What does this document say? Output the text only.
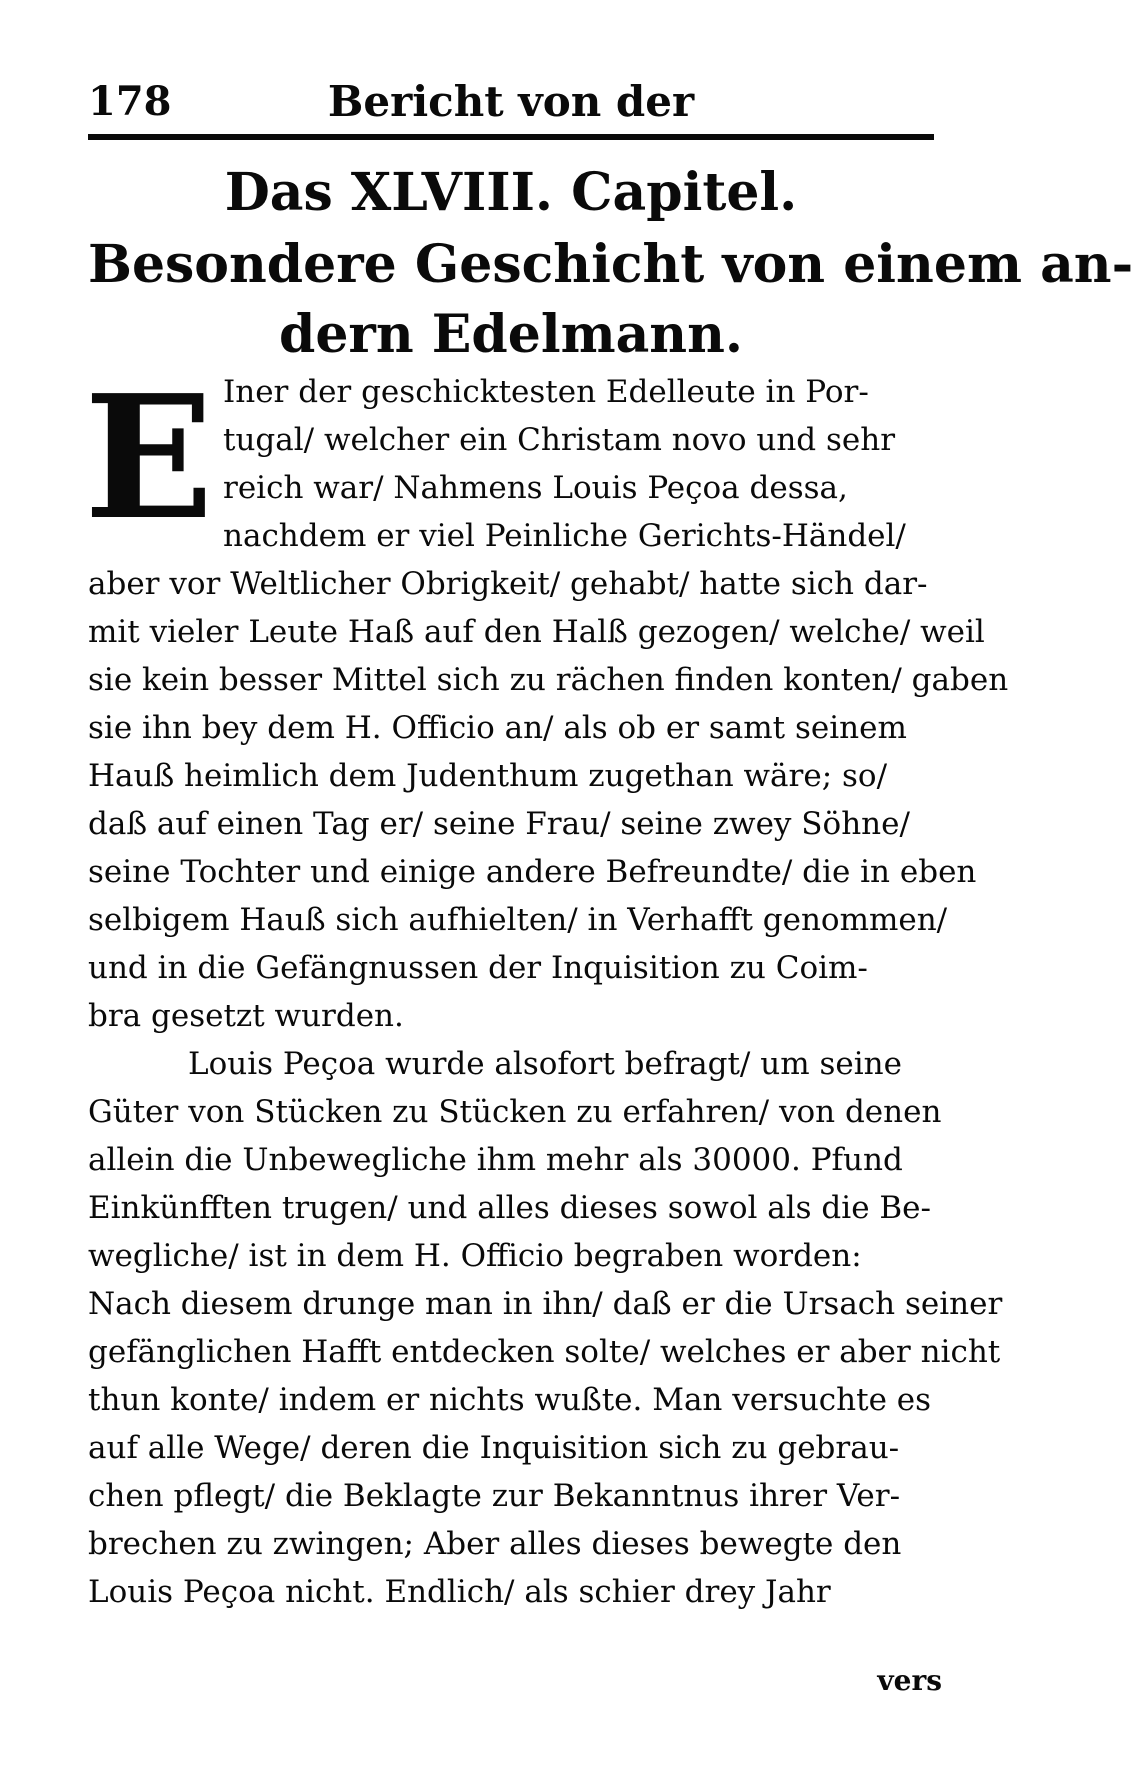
178	Bericht von der
Das XLVIII. Capitel.
Besondere Geschicht von einem an-
dern Edelmann.
E Iner der geschicktesten Edelleute in Por-
tugal/ welcher ein Christam novo und sehr
reich war/ Nahmens Louis Peçoa dessa,
nachdem er viel Peinliche Gerichts-Händel/
aber vor Weltlicher Obrigkeit/ gehabt/ hatte sich dar-
mit vieler Leute Haß auf den Halß gezogen/ welche/ weil
sie kein besser Mittel sich zu rächen finden konten/ gaben
sie ihn bey dem H. Officio an/ als ob er samt seinem
Hauß heimlich dem Judenthum zugethan wäre; so/
daß auf einen Tag er/ seine Frau/ seine zwey Söhne/
seine Tochter und einige andere Befreundte/ die in eben
selbigem Hauß sich aufhielten/ in Verhafft genommen/
und in die Gefängnussen der Inquisition zu Coim-
bra gesetzt wurden.
Louis Peçoa wurde alsofort befragt/ um seine
Güter von Stücken zu Stücken zu erfahren/ von denen
allein die Unbewegliche ihm mehr als 30000. Pfund
Einkünfften trugen/ und alles dieses sowol als die Be-
wegliche/ ist in dem H. Officio begraben worden:
Nach diesem drunge man in ihn/ daß er die Ursach seiner
gefänglichen Hafft entdecken solte/ welches er aber nicht
thun konte/ indem er nichts wußte. Man versuchte es
auf alle Wege/ deren die Inquisition sich zu gebrau-
chen pflegt/ die Beklagte zur Bekanntnus ihrer Ver-
brechen zu zwingen; Aber alles dieses bewegte den
Louis Peçoa nicht. Endlich/ als schier drey Jahr
vers
